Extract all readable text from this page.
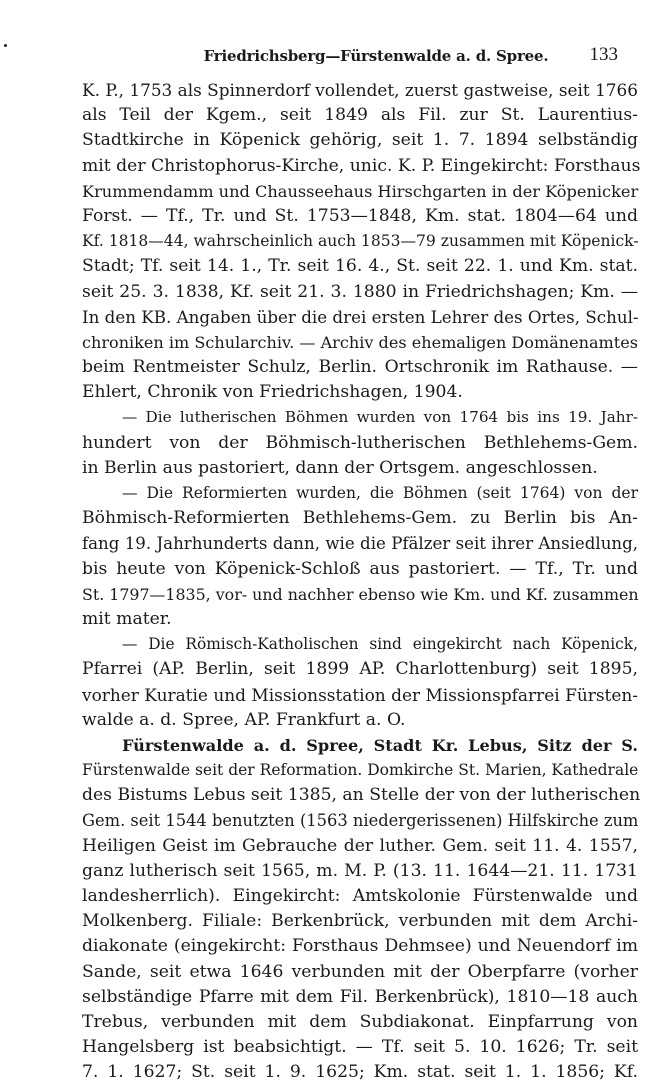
Friedrichsberg—Fürstenwalde a. d. Spree.	133
K. P., 1753 als Spinnerdorf vollendet, zuerst gastweise, seit 1766
als Teil der Kgem., seit 1849 als Fil. zur St. Laurentius-
Stadtkirche in Köpenick gehörig, seit 1. 7. 1894 selbständig
mit der Christophorus-Kirche, unic. K. P. Eingekircht: Forsthaus
Krummendamm und Chausseehaus Hirschgarten in der Köpenicker
Forst. — Tf., Tr. und St. 1753—1848, Km. stat. 1804—64 und
Kf. 1818—44, wahrscheinlich auch 1853—79 zusammen mit Köpenick-
Stadt; Tf. seit 14. 1., Tr. seit 16. 4., St. seit 22. 1. und Km. stat.
seit 25. 3. 1838, Kf. seit 21. 3. 1880 in Friedrichshagen; Km. —
In den KB. Angaben über die drei ersten Lehrer des Ortes, Schul-
chroniken im Schularchiv. — Archiv des ehemaligen Domänenamtes
beim Rentmeister Schulz, Berlin. Ortschronik im Rathause. —
Ehlert, Chronik von Friedrichshagen, 1904.
— Die lutherischen Böhmen wurden von 1764 bis ins 19. Jahr-
hundert von der Böhmisch-lutherischen Bethlehems-Gem.
in Berlin aus pastoriert, dann der Ortsgem. angeschlossen.
— Die Reformierten wurden, die Böhmen (seit 1764) von der
Böhmisch-Reformierten Bethlehems-Gem. zu Berlin bis An-
fang 19. Jahrhunderts dann, wie die Pfälzer seit ihrer Ansiedlung,
bis heute von Köpenick-Schloß aus pastoriert. — Tf., Tr. und
St. 1797—1835, vor- und nachher ebenso wie Km. und Kf. zusammen
mit mater.
— Die Römisch-Katholischen sind eingekircht nach Köpenick,
Pfarrei (AP. Berlin, seit 1899 AP. Charlottenburg) seit 1895,
vorher Kuratie und Missionsstation der Missionspfarrei Fürsten-
walde a. d. Spree, AP. Frankfurt a. O.
Fürstenwalde a. d. Spree, Stadt Kr. Lebus, Sitz der S.
Fürstenwalde seit der Reformation. Domkirche St. Marien, Kathedrale
des Bistums Lebus seit 1385, an Stelle der von der lutherischen
Gem. seit 1544 benutzten (1563 niedergerissenen) Hilfskirche zum
Heiligen Geist im Gebrauche der luther. Gem. seit 11. 4. 1557,
ganz lutherisch seit 1565, m. M. P. (13. 11. 1644—21. 11. 1731
landesherrlich). Eingekircht: Amtskolonie Fürstenwalde und
Molkenberg. Filiale: Berkenbrück, verbunden mit dem Archi-
diakonate (eingekircht: Forsthaus Dehmsee) und Neuendorf im
Sande, seit etwa 1646 verbunden mit der Oberpfarre (vorher
selbständige Pfarre mit dem Fil. Berkenbrück), 1810—18 auch
Trebus, verbunden mit dem Subdiakonat. Einpfarrung von
Hangelsberg ist beabsichtigt. — Tf. seit 5. 10. 1626; Tr. seit
7. 1. 1627; St. seit 1. 9. 1625; Km. stat. seit 1. 1. 1856; Kf.
